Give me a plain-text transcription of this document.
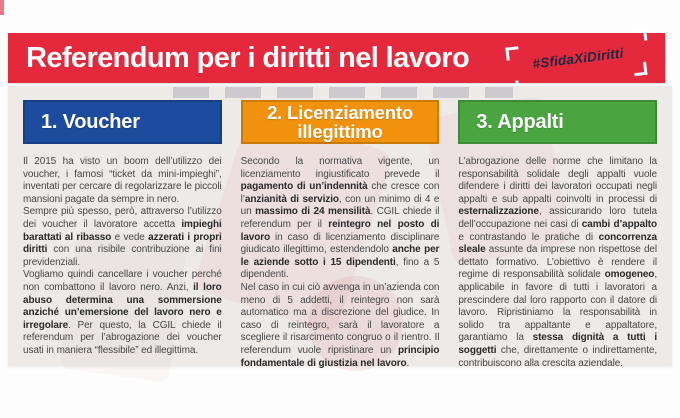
Referendum per i diritti nel lavoro	#SfidaXiDiritti
1. Voucher

Il 2015 ha visto un boom dell’utilizzo dei voucher, i famosi “ticket da mini-impieghi”, inventati per cercare di regolarizzare le piccoli mansioni pagate da sempre in nero.

Sempre più spesso, però, attraverso l’utilizzo dei voucher il lavoratore accetta impieghi barattati al ribasso e vede azzerati i propri diritti con una risibile contribuzione ai fini previdenziali.

Vogliamo quindi cancellare i voucher perché non combattono il lavoro nero. Anzi, il loro abuso determina una sommersione anziché un’emersione del lavoro nero e irregolare. Per questo, la CGIL chiede il referendum per l’abrogazione dei voucher usati in maniera “flessibile” ed illegittima.

2. Licenziamento illegittimo

Secondo la normativa vigente, un licenziamento ingiustificato prevede il pagamento di un’indennità che cresce con l’anzianità di servizio, con un minimo di 4 e un massimo di 24 mensilità. CGIL chiede il referendum per il reintegro nel posto di lavoro in caso di licenziamento disciplinare giudicato illegittimo, estendendolo anche per le aziende sotto i 15 dipendenti, fino a 5 dipendenti.

Nel caso in cui ciò avvenga in un’azienda con meno di 5 addetti, il reintegro non sarà automatico ma a discrezione del giudice. In caso di reintegro, sarà il lavoratore a scegliere il risarcimento congruo o il rientro. Il referendum vuole ripristinare un principio fondamentale di giustizia nel lavoro.

3. Appalti

L’abrogazione delle norme che limitano la responsabilità solidale degli appalti vuole difendere i diritti dei lavoratori occupati negli appalti e sub appalti coinvolti in processi di esternalizzazione, assicurando loro tutela dell’occupazione nei casi di cambi d’appalto e contrastando le pratiche di concorrenza sleale assunte da imprese non rispettose del dettato formativo. L’obiettivo è rendere il regime di responsabilità solidale omogeneo, applicabile in favore di tutti i lavoratori a prescindere dal loro rapporto con il datore di lavoro. Ripristiniamo la responsabilità in solido tra appaltante e appaltatore, garantiamo la stessa dignità a tutti i soggetti che, direttamente o indirettamente, contribuiscono alla crescita aziendale.
